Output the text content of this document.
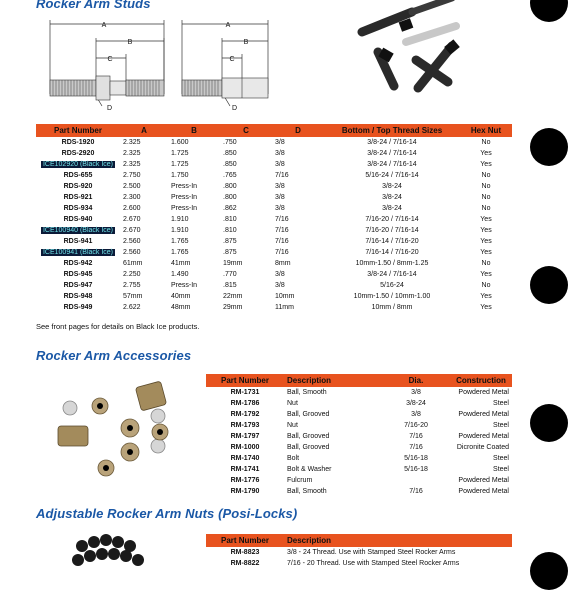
Rocker Arm Studs
Rocker Arm Accessories
Adjustable Rocker Arm Nuts (Posi-Locks)
A
B
C
D
A
B
C
D
Part Number	A	B	C	D	Bottom / Top Thread Sizes	Hex Nut
RDS-1920	2.325	1.600	.750	3/8	3/8-24 / 7/16-14	No
RDS-2920	2.325	1.725	.850	3/8	3/8-24 / 7/16-14	Yes
ICE102920 (Black Ice)	2.325	1.725	.850	3/8	3/8-24 / 7/16-14	Yes
RDS-655	2.750	1.750	.765	7/16	5/16-24 / 7/16-14	No
RDS-920	2.500	Press-In	.800	3/8	3/8-24	No
RDS-921	2.300	Press-In	.800	3/8	3/8-24	No
RDS-934	2.600	Press-In	.862	3/8	3/8-24	No
RDS-940	2.670	1.910	.810	7/16	7/16-20 / 7/16-14	Yes
ICE100940 (Black Ice)	2.670	1.910	.810	7/16	7/16-20 / 7/16-14	Yes
RDS-941	2.560	1.765	.875	7/16	7/16-14 / 7/16-20	Yes
ICE100941 (Black Ice)	2.560	1.765	.875	7/16	7/16-14 / 7/16-20	Yes
RDS-942	61mm	41mm	19mm	8mm	10mm-1.50 / 8mm-1.25	No
RDS-945	2.250	1.490	.770	3/8	3/8-24 / 7/16-14	Yes
RDS-947	2.755	Press-In	.815	3/8	5/16-24	No
RDS-948	57mm	40mm	22mm	10mm	10mm-1.50 / 10mm-1.00	Yes
RDS-949	2.622	48mm	29mm	11mm	10mm / 8mm	Yes
See front pages for details on Black Ice products.
Part Number	Description	Dia.	Construction
RM-1731	Ball, Smooth	3/8	Powdered Metal
RM-1786	Nut	3/8-24	Steel
RM-1792	Ball, Grooved	3/8	Powdered Metal
RM-1793	Nut	7/16-20	Steel
RM-1797	Ball, Grooved	7/16	Powdered Metal
RM-1000	Ball, Grooved	7/16	Dicronite Coated
RM-1740	Bolt	5/16-18	Steel
RM-1741	Bolt & Washer	5/16-18	Steel
RM-1776	Fulcrum		Powdered Metal
RM-1790	Ball, Smooth	7/16	Powdered Metal
Part Number	Description
RM-8823	3/8 - 24 Thread. Use with Stamped Steel Rocker Arms
RM-8822	7/16 - 20 Thread. Use with Stamped Steel Rocker Arms
